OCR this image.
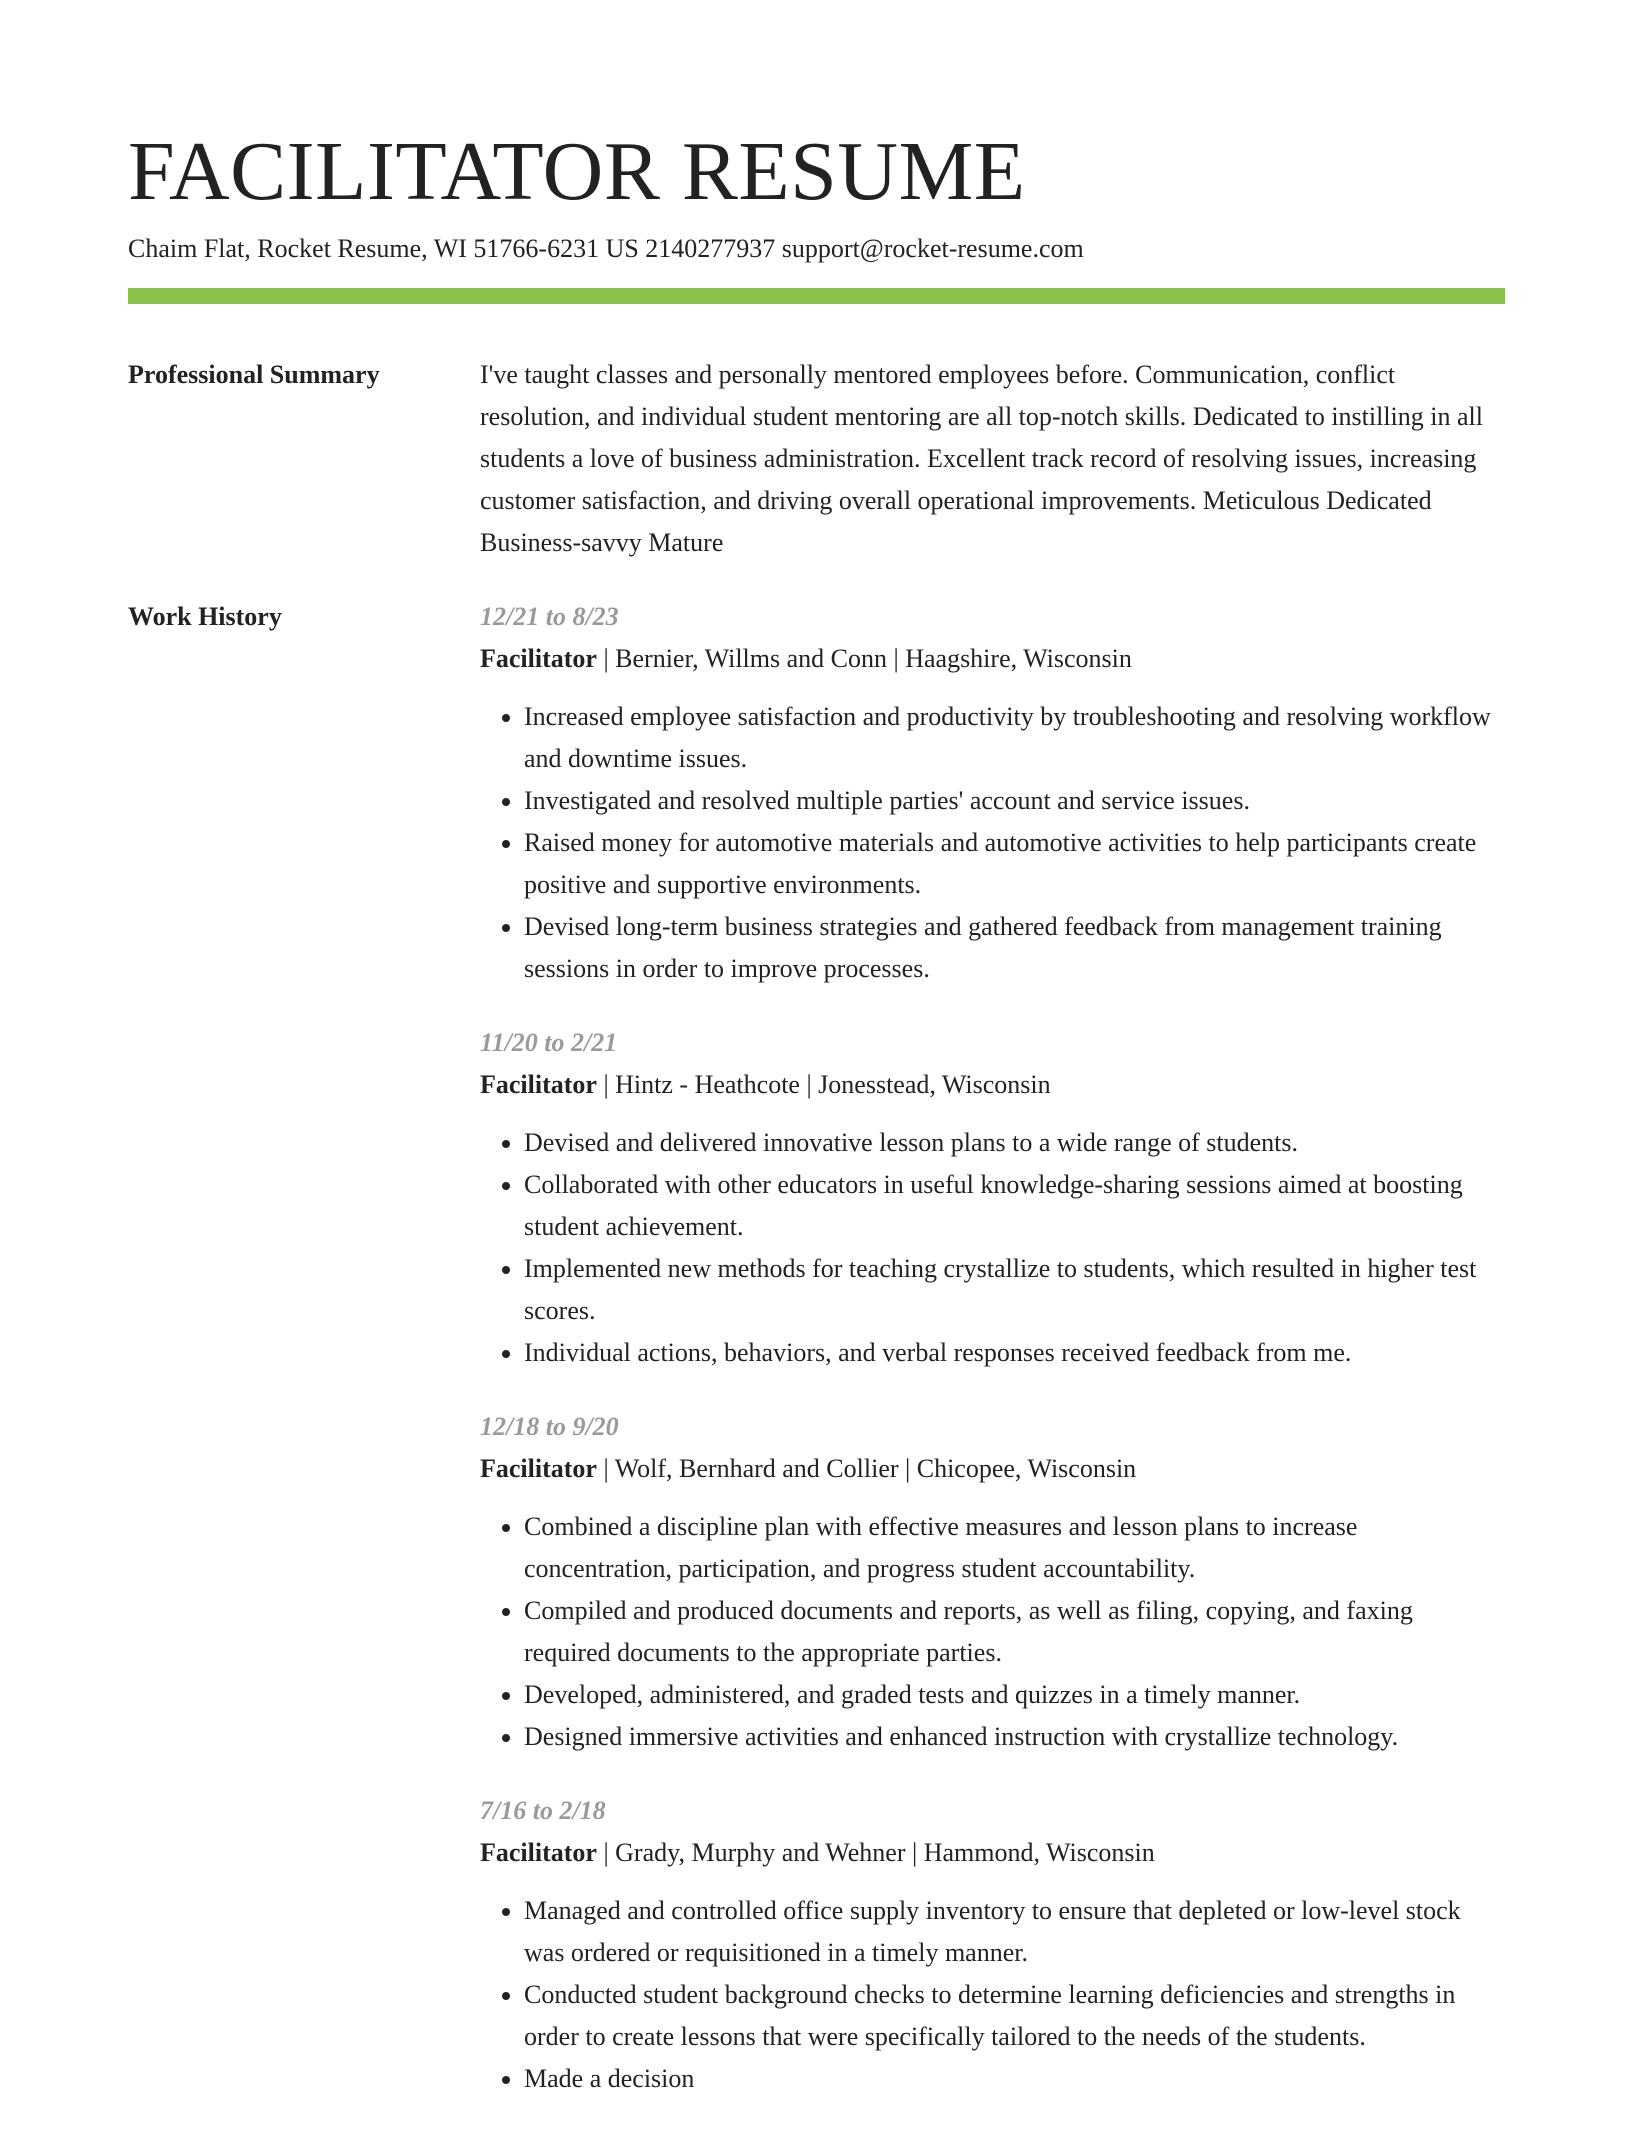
FACILITATOR RESUME
Chaim Flat, Rocket Resume, WI 51766-6231 US 2140277937 support@rocket-resume.com
Professional Summary	I've taught classes and personally mentored employees before. Communication, conflict resolution, and individual student mentoring are all top-notch skills. Dedicated to instilling in all students a love of business administration. Excellent track record of resolving issues, increasing customer satisfaction, and driving overall operational improvements. Meticulous Dedicated Business-savvy Mature
Work History	12/21 to 8/23
Facilitator | Bernier, Willms and Conn | Haagshire, Wisconsin
• Increased employee satisfaction and productivity by troubleshooting and resolving workflow and downtime issues.
• Investigated and resolved multiple parties' account and service issues.
• Raised money for automotive materials and automotive activities to help participants create positive and supportive environments.
• Devised long-term business strategies and gathered feedback from management training sessions in order to improve processes.
11/20 to 2/21
Facilitator | Hintz - Heathcote | Jonesstead, Wisconsin
• Devised and delivered innovative lesson plans to a wide range of students.
• Collaborated with other educators in useful knowledge-sharing sessions aimed at boosting student achievement.
• Implemented new methods for teaching crystallize to students, which resulted in higher test scores.
• Individual actions, behaviors, and verbal responses received feedback from me.
12/18 to 9/20
Facilitator | Wolf, Bernhard and Collier | Chicopee, Wisconsin
• Combined a discipline plan with effective measures and lesson plans to increase concentration, participation, and progress student accountability.
• Compiled and produced documents and reports, as well as filing, copying, and faxing required documents to the appropriate parties.
• Developed, administered, and graded tests and quizzes in a timely manner.
• Designed immersive activities and enhanced instruction with crystallize technology.
7/16 to 2/18
Facilitator | Grady, Murphy and Wehner | Hammond, Wisconsin
• Managed and controlled office supply inventory to ensure that depleted or low-level stock was ordered or requisitioned in a timely manner.
• Conducted student background checks to determine learning deficiencies and strengths in order to create lessons that were specifically tailored to the needs of the students.
• Made a decision
